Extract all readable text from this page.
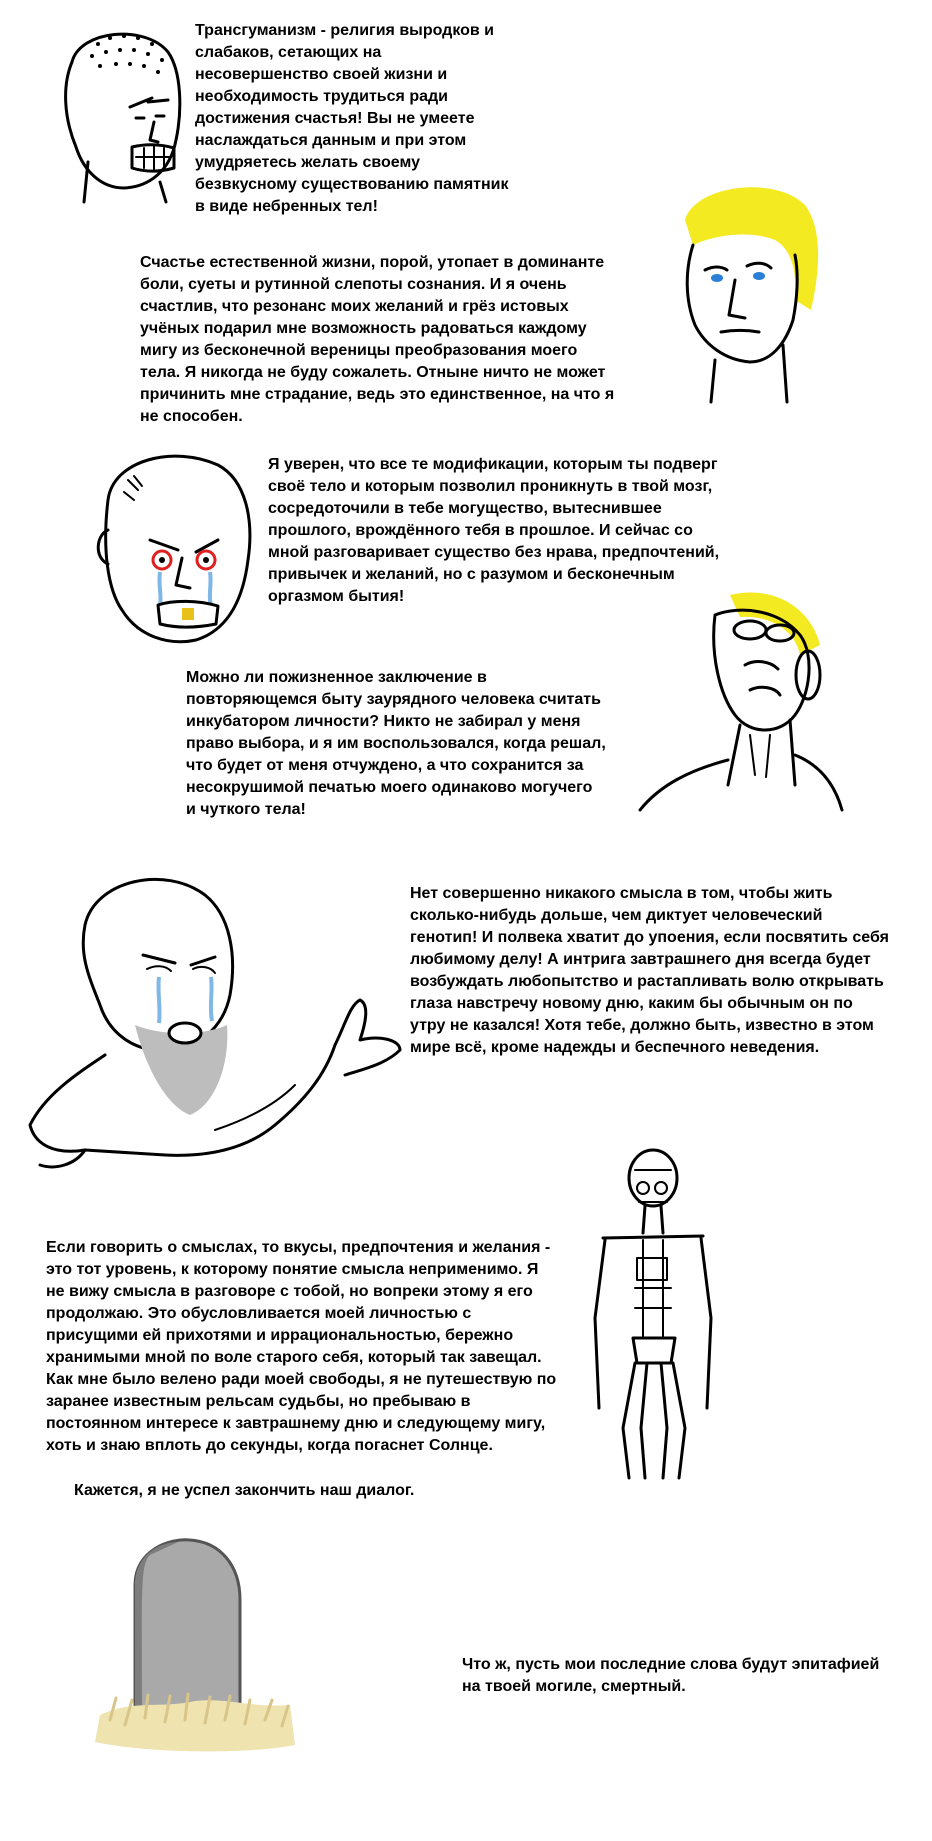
Трансгуманизм - религия выродков и
слабаков, сетающих на
несовершенство своей жизни и
необходимость трудиться ради
достижения счастья! Вы не умеете
наслаждаться данным и при этом
умудряетесь желать своему
безвкусному существованию памятник
в виде небренных тел!

Счастье естественной жизни, порой, утопает в доминанте
боли, суеты и рутинной слепоты сознания. И я очень
счастлив, что резонанс моих желаний и грёз истовых
учёных подарил мне возможность радоваться каждому
мигу из бесконечной вереницы преобразования моего
тела. Я никогда не буду сожалеть. Отныне ничто не может
причинить мне страдание, ведь это единственное, на что я
не способен.

Я уверен, что все те модификации, которым ты подверг
своё тело и которым позволил проникнуть в твой мозг,
сосредоточили в тебе могущество, вытеснившее
прошлого, врождённого тебя в прошлое. И сейчас со
мной разговаривает существо без нрава, предпочтений,
привычек и желаний, но с разумом и бесконечным
оргазмом бытия!

Можно ли пожизненное заключение в
повторяющемся быту заурядного человека считать
инкубатором личности? Никто не забирал у меня
право выбора, и я им воспользовался, когда решал,
что будет от меня отчуждено, а что сохранится за
несокрушимой печатью моего одинаково могучего
и чуткого тела!

Нет совершенно никакого смысла в том, чтобы жить
сколько-нибудь дольше, чем диктует человеческий
генотип! И полвека хватит до упоения, если посвятить себя
любимому делу! А интрига завтрашнего дня всегда будет
возбуждать любопытство и растапливать волю открывать
глаза навстречу новому дню, каким бы обычным он по
утру не казался! Хотя тебе, должно быть, известно в этом
мире всё, кроме надежды и беспечного неведения.

Если говорить о смыслах, то вкусы, предпочтения и желания -
это тот уровень, к которому понятие смысла неприменимо. Я
не вижу смысла в разговоре с тобой, но вопреки этому я его
продолжаю. Это обусловливается моей личностью с
присущими ей прихотями и иррациональностью, бережно
хранимыми мной по воле старого себя, который так завещал.
Как мне было велено ради моей свободы, я не путешествую по
заранее известным рельсам судьбы, но пребываю в
постоянном интересе к завтрашнему дню и следующему мигу,
хоть и знаю вплоть до секунды, когда погаснет Солнце.

Кажется, я не успел закончить наш диалог.

Что ж, пусть мои последние слова будут эпитафией
на твоей могиле, смертный.
